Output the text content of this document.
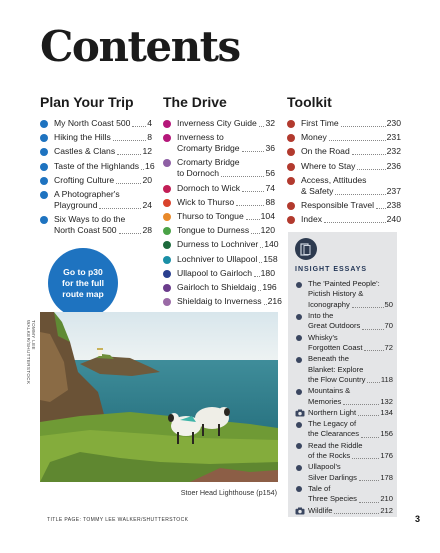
Contents
Plan Your Trip
My North Coast 500 4
Hiking the Hills	8
Castles & Clans	12
Taste of the Highlands 16
Crofting Culture	20
A Photographer's
Playground	24
Six Ways to do the
North Coast 500	28
The Drive
Inverness City Guide 32
Inverness to
Cromarty Bridge	36
Cromarty Bridge
to Dornoch	56
Dornoch to Wick	74
Wick to Thurso	88
Thurso to Tongue 104
Tongue to Durness 120
Durness to Lochniver 140
Lochniver to Ullapool 158
Ullapool to Gairloch 180
Gairloch to Shieldaig 196
Shieldaig to Inverness 216
Toolkit
First Time	230
Money	231
On the Road	232
Where to Stay	236
Access, Attitudes
& Safety	237
Responsible Travel 238
Index	240
Go to p30 for the full route map
TOMMY LEE WALKER/SHUTTERSTOCK
Stoer Head Lighthouse (p154)
INSIGHT ESSAYS
The 'Painted People':
Pictish History &
Iconography	50
Into the
Great Outdoors	70
Whisky's
Forgotten Coast	72
Beneath the
Blanket: Explore
the Flow Country 118
Mountains &
Memories	132
Northern Light	134
The Legacy of
the Clearances	156
Read the Riddle
of the Rocks	176
Ullapool's
Silver Darlings	178
Tale of
Three Species	210
Wildlife	212
TITLE PAGE: TOMMY LEE WALKER/SHUTTERSTOCK	3
